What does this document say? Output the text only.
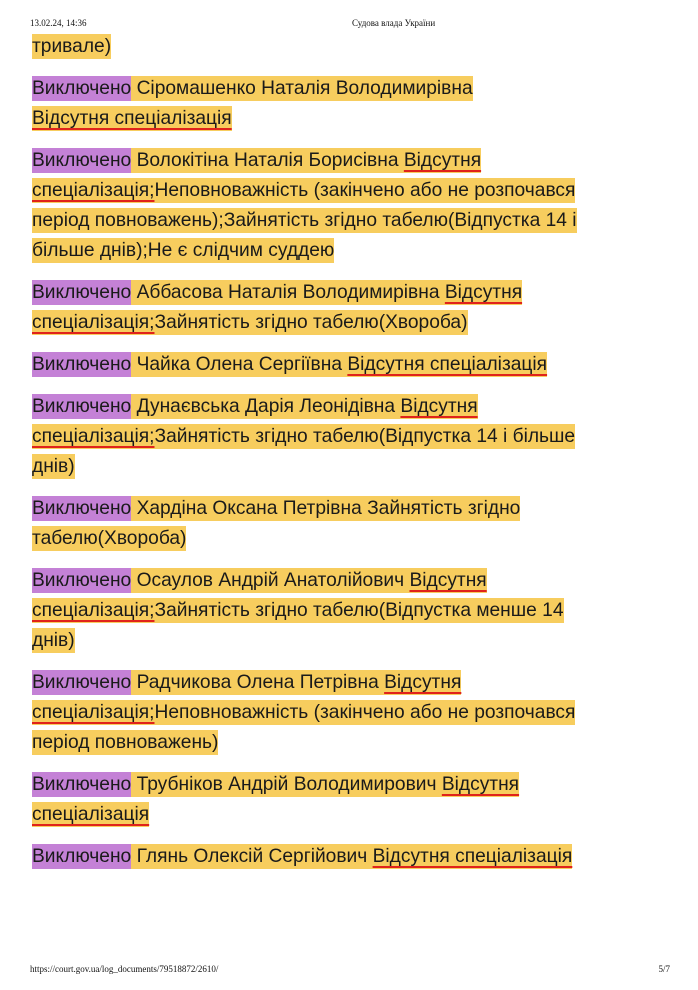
13.02.24, 14:36	Судова влада України

тривале)

Виключено Сіромашенко Наталія Володимирівна
Відсутня спеціалізація

Виключено Волокітіна Наталія Борисівна Відсутня спеціалізація;Неповноважність (закінчено або не розпочався період повноважень);Зайнятість згідно табелю(Відпустка 14 і більше днів);Не є слідчим суддею

Виключено Аббасова Наталія Володимирівна Відсутня спеціалізація;Зайнятість згідно табелю(Хвороба)

Виключено Чайка Олена Сергіївна Відсутня спеціалізація

Виключено Дунаєвська Дарія Леонідівна Відсутня спеціалізація;Зайнятість згідно табелю(Відпустка 14 і більше днів)

Виключено Хардіна Оксана Петрівна Зайнятість згідно табелю(Хвороба)

Виключено Осаулов Андрій Анатолійович Відсутня спеціалізація;Зайнятість згідно табелю(Відпустка менше 14 днів)

Виключено Радчикова Олена Петрівна Відсутня спеціалізація;Неповноважність (закінчено або не розпочався період повноважень)

Виключено Трубніков Андрій Володимирович Відсутня спеціалізація

Виключено Глянь Олексій Сергійович Відсутня спеціалізація

https://court.gov.ua/log_documents/79518872/2610/	5/7
